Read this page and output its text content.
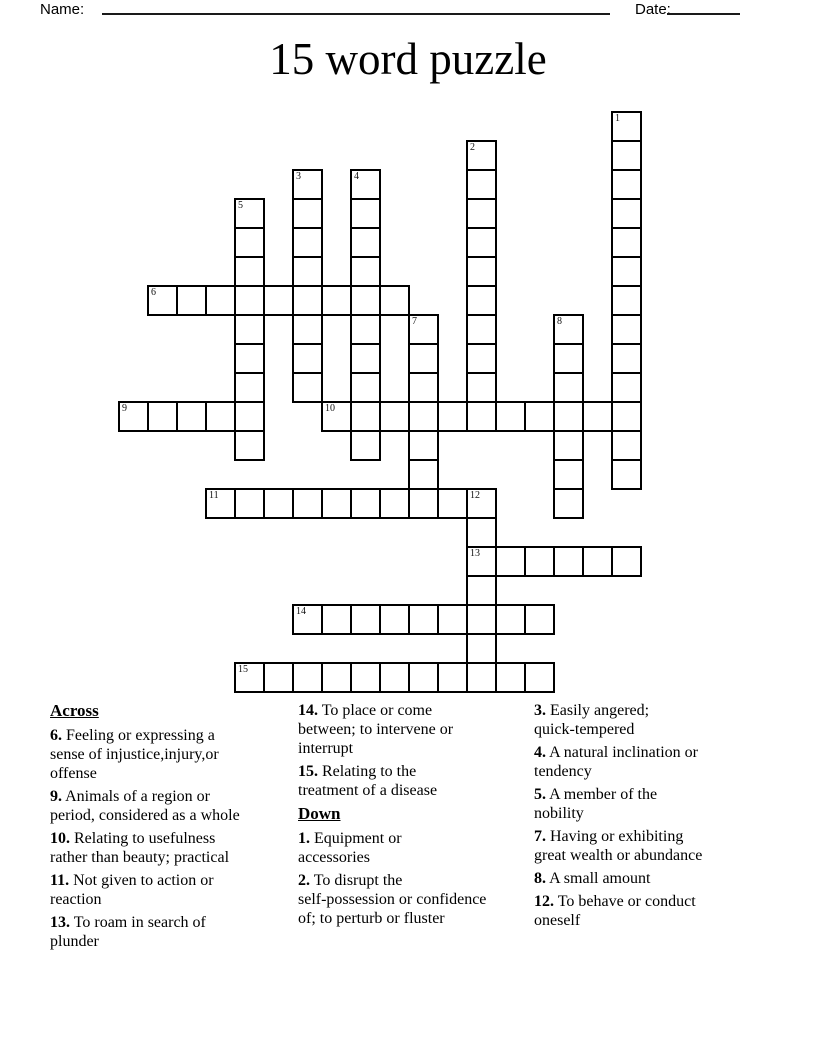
Name:	Date:
15 word puzzle
1
2
3	4
5
6
7	8
9	10
11	12
13
14
15
Across
6. Feeling or expressing a
sense of injustice,injury,or
offense
9. Animals of a region or
period, considered as a whole
10. Relating to usefulness
rather than beauty; practical
11. Not given to action or
reaction
13. To roam in search of
plunder
14. To place or come
between; to intervene or
interrupt
15. Relating to the
treatment of a disease
Down
1. Equipment or
accessories
2. To disrupt the
self-possession or confidence
of; to perturb or fluster
3. Easily angered;
quick-tempered
4. A natural inclination or
tendency
5. A member of the
nobility
7. Having or exhibiting
great wealth or abundance
8. A small amount
12. To behave or conduct
oneself
